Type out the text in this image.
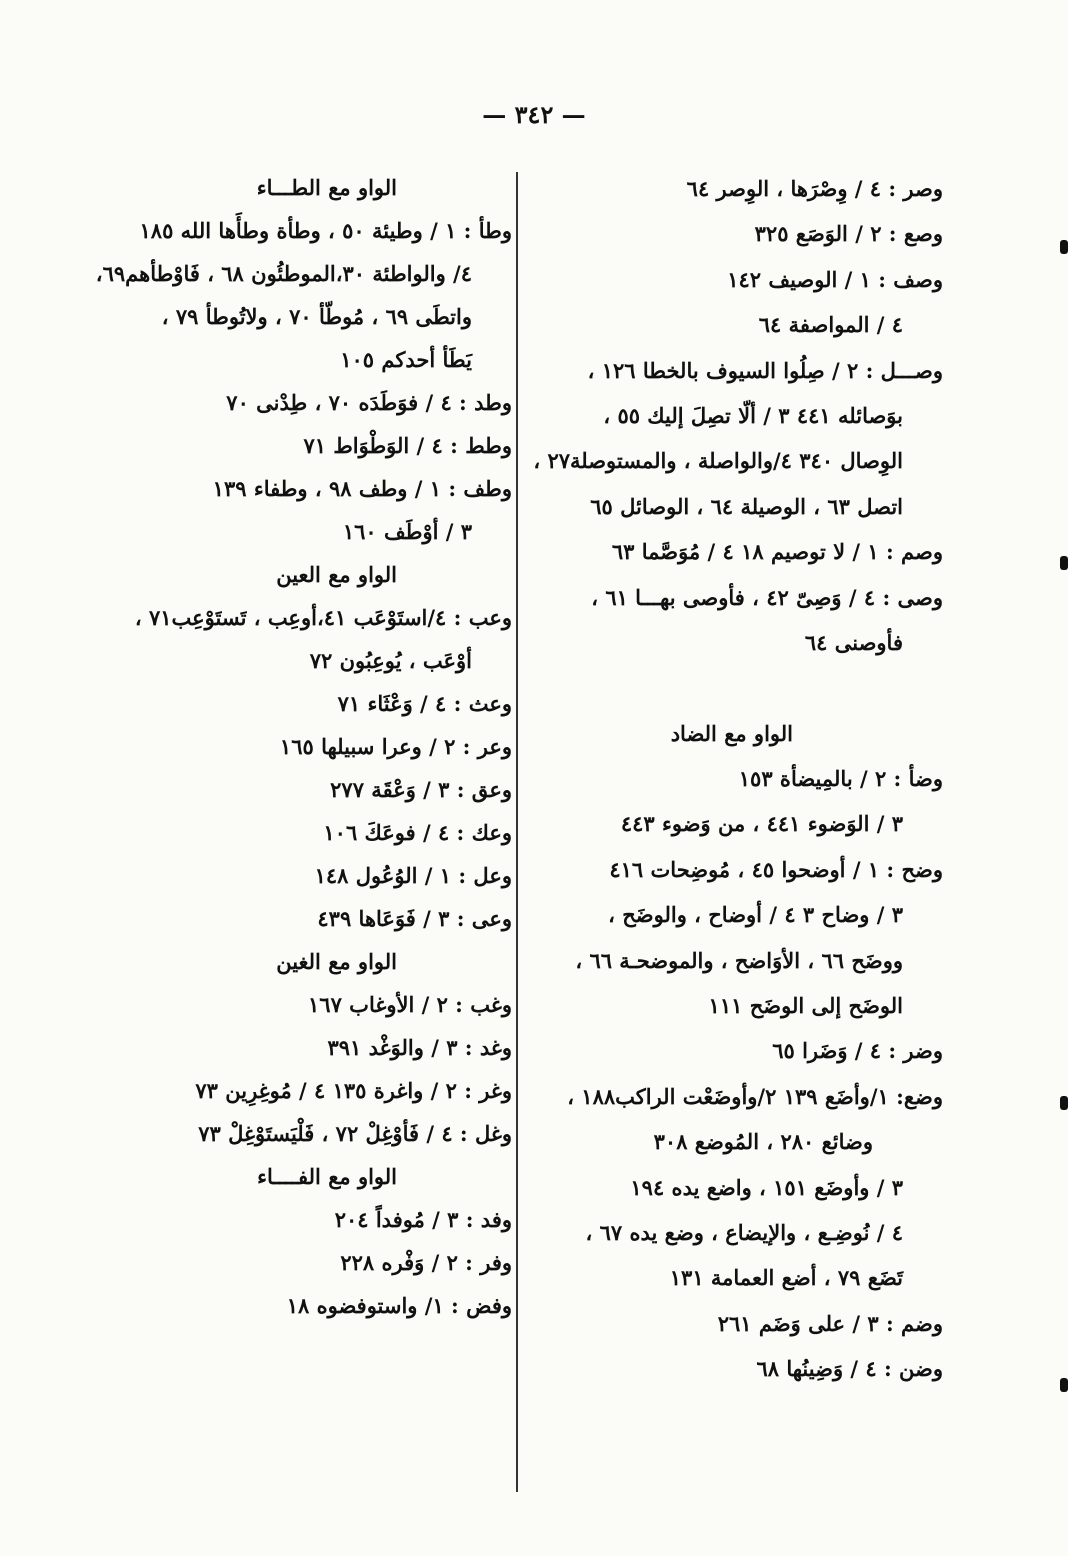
— ٣٤٢ —
وصر : ٤ / وِصْرَها ، الوِصر ٦٤
وصع : ٢ / الوَصَع ٣٢٥
وصف : ١ / الوصيف ١٤٢
٤ / المواصفة ٦٤
وصـــل : ٢ / صِلُوا السيوف بالخطا ١٢٦ ،
بوَصائله ٤٤١ ٣ / ألّا تصِلَ إليك ٥٥ ،
الوِصال ٣٤٠ ٤/والواصلة ، والمستوصلة٢٧ ،
اتصل ٦٣ ، الوصيلة ٦٤ ، الوصائل ٦٥
وصم : ١ / لا توصيم ١٨ ٤ / مُوَصَّما ٦٣
وصى : ٤ / وَصِىّ ٤٢ ، فأوصى بهـــا ٦١ ،
فأوصنى ٦٤
الواو مع الضاد
وضأ : ٢ / بالمِيضأة ١٥٣
٣ / الوَضوء ٤٤١ ، من وَضوء ٤٤٣
وضح : ١ / أوضحوا ٤٥ ، مُوضِحات ٤١٦
٣ / وضاح ٣ ٤ / أوضاح ، والوضَح ،
ووضَح ٦٦ ، الأوَاضح ، والموضحـة ٦٦ ،
الوضَح إلى الوضَح ١١١
وضر : ٤ / وَضَرا ٦٥
وضع: ١/وأضَع ١٣٩ ٢/وأوضَعْت الراكب١٨٨ ،
وضائع ٢٨٠ ، المُوضع ٣٠٨
٣ / وأوضَع ١٥١ ، واضع يده ١٩٤
٤ / نُوضِـع ، والإيضاع ، وضع يده ٦٧ ،
تَضَع ٧٩ ، أضع العمامة ١٣١
وضم : ٣ / على وَضَم ٢٦١
وضن : ٤ / وَضِينُها ٦٨
الواو مع الطـــاء
وطأ : ١ / وطيئة ٥٠ ، وطأة وطأَها الله ١٨٥
٤/ والواطئة ٣٠،الموطئُون ٦٨ ، فَاوْطأهم٦٩،
واتطَى ٦٩ ، مُوطّأ ٧٠ ، ولاتُوطأ ٧٩ ،
يَطَأ أحدكم ١٠٥
وطد : ٤ / فوَطَدَه ٧٠ ، طِدْنى ٧٠
وطط : ٤ / الوَطْوَاط ٧١
وطف : ١ / وطف ٩٨ ، وطفاء ١٣٩
٣ / أوْطَف ١٦٠
الواو مع العين
وعب : ٤/استَوْعَب ٤١،أوعِب ، تَستَوْعِب٧١ ،
أوْعَب ، يُوعِبُون ٧٢
وعث : ٤ / وَعْثَاء ٧١
وعر : ٢ / وعرا سبيلها ١٦٥
وعق : ٣ / وَعْقَة ٢٧٧
وعك : ٤ / فوعَكَ ١٠٦
وعل : ١ / الوُعُول ١٤٨
وعى : ٣ / فَوَعَاها ٤٣٩
الواو مع الغين
وغب : ٢ / الأوغاب ١٦٧
وغد : ٣ / والوَغْد ٣٩١
وغر : ٢ / واغرة ١٣٥ ٤ / مُوغِرِين ٧٣
وغل : ٤ / فَأوْغِلْ ٧٢ ، فَلْيَستَوْغِلْ ٧٣
الواو مع الفــــاء
وفد : ٣ / مُوفداً ٢٠٤
وفر : ٢ / وَفْره ٢٢٨
وفض : ١/ واستوفضوه ١٨
